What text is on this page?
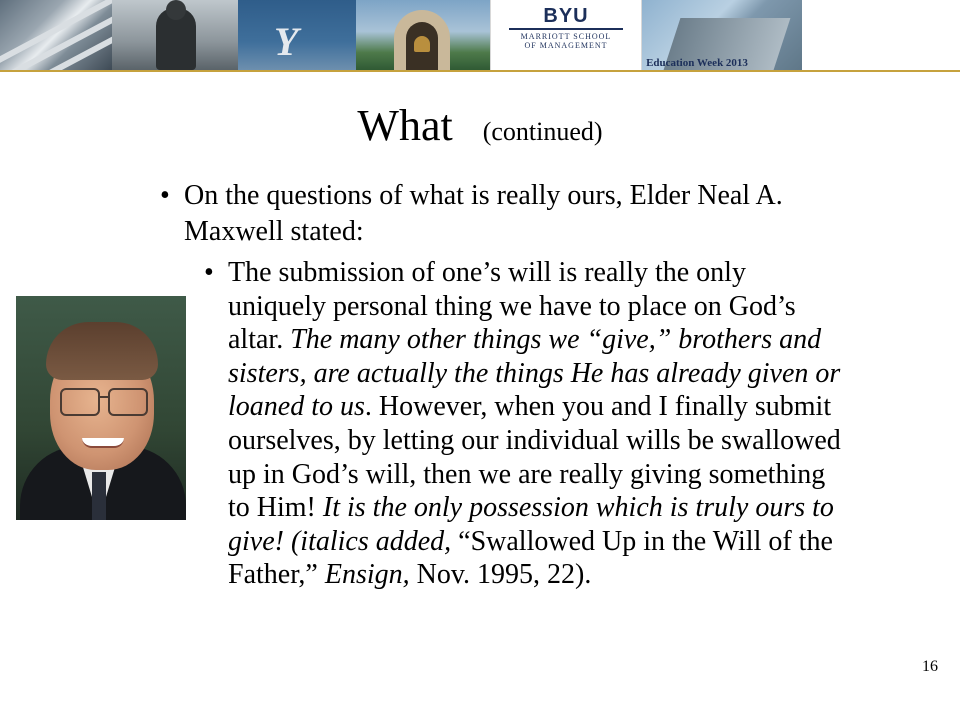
Y
BYU
MARRIOTT SCHOOL
OF MANAGEMENT
Education Week 2013
What (continued)
• On the questions of what is really ours, Elder Neal A. Maxwell stated:
• The submission of one’s will is really the only uniquely personal thing we have to place on God’s altar. The many other things we “give,” brothers and sisters, are actually the things He has already given or loaned to us. However, when you and I finally submit ourselves, by letting our individual wills be swallowed up in God’s will, then we are really giving something to Him! It is the only possession which is truly ours to give! (italics added, “Swallowed Up in the Will of the Father,” Ensign, Nov. 1995, 22).
16
